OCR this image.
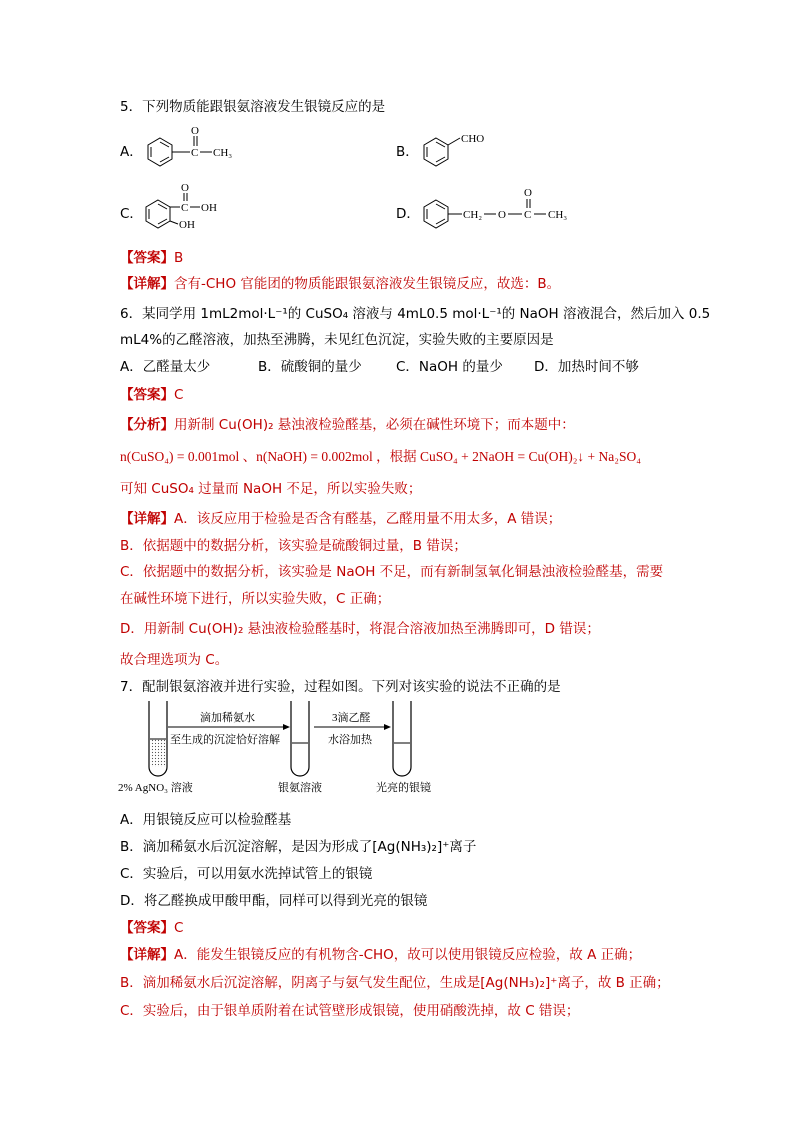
5．下列物质能跟银氨溶液发生银镜反应的是
A．	C
O
CH₃	B．
CHO
C．	C
O
OH
OH
D．	CH₂ O C
O
CH₃
【答案】B
【详解】含有-CHO 官能团的物质能跟银氨溶液发生银镜反应，故选：B。
6．某同学用 1mL2mol·L⁻¹的 CuSO₄ 溶液与 4mL0.5 mol·L⁻¹的 NaOH 溶液混合，然后加入 0.5
mL4%的乙醛溶液，加热至沸腾，未见红色沉淀，实验失败的主要原因是
A．乙醛量太少	B．硫酸铜的量少	C．NaOH 的量少 D．加热时间不够
【答案】C
【分析】用新制 Cu(OH)₂ 悬浊液检验醛基，必须在碱性环境下；而本题中：
n(CuSO₄) = 0.001mol 、n(NaOH) = 0.002mol ，根据 CuSO₄ + 2NaOH = Cu(OH)₂↓ + Na₂SO₄
可知 CuSO₄ 过量而 NaOH 不足，所以实验失败；
【详解】A．该反应用于检验是否含有醛基，乙醛用量不用太多，A 错误；
B．依据题中的数据分析，该实验是硫酸铜过量，B 错误；
C．依据题中的数据分析，该实验是 NaOH 不足，而有新制氢氧化铜悬浊液检验醛基，需要
在碱性环境下进行，所以实验失败，C 正确；
D．用新制 Cu(OH)₂ 悬浊液检验醛基时，将混合溶液加热至沸腾即可，D 错误；
故合理选项为 C。
7．配制银氨溶液并进行实验，过程如图。下列对该实验的说法不正确的是
滴加稀氨水
至生成的沉淀恰好溶解
3滴乙醛
水浴加热
2% AgNO₃ 溶液	银氨溶液	光亮的银镜
A．用银镜反应可以检验醛基
B．滴加稀氨水后沉淀溶解，是因为形成了[Ag(NH₃)₂]⁺离子
C．实验后，可以用氨水洗掉试管上的银镜
D．将乙醛换成甲酸甲酯，同样可以得到光亮的银镜
【答案】C
【详解】A．能发生银镜反应的有机物含-CHO，故可以使用银镜反应检验，故 A 正确；
B．滴加稀氨水后沉淀溶解，阴离子与氨气发生配位，生成是[Ag(NH₃)₂]⁺离子，故 B 正确；
C．实验后，由于银单质附着在试管壁形成银镜，使用硝酸洗掉，故 C 错误；
